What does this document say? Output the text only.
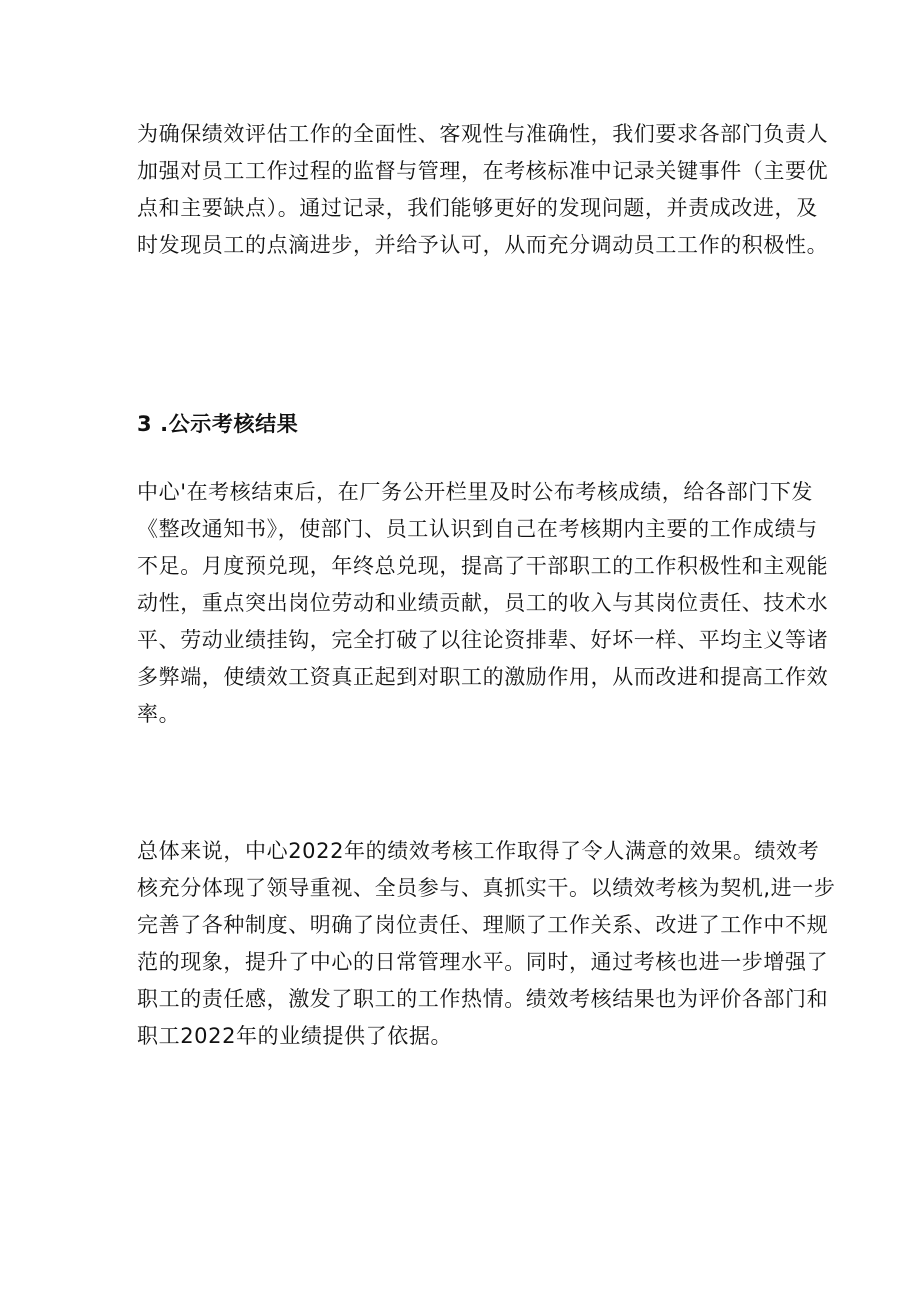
为确保绩效评估工作的全面性、客观性与准确性，我们要求各部门负责人
加强对员工工作过程的监督与管理，在考核标准中记录关键事件（主要优
点和主要缺点）。通过记录，我们能够更好的发现问题，并责成改进，及
时发现员工的点滴进步，并给予认可，从而充分调动员工工作的积极性。

3 .公示考核结果

中心'在考核结束后，在厂务公开栏里及时公布考核成绩，给各部门下发
《整改通知书》，使部门、员工认识到自己在考核期内主要的工作成绩与
不足。月度预兑现，年终总兑现，提高了干部职工的工作积极性和主观能
动性，重点突出岗位劳动和业绩贡献，员工的收入与其岗位责任、技术水
平、劳动业绩挂钩，完全打破了以往论资排辈、好坏一样、平均主义等诸
多弊端，使绩效工资真正起到对职工的激励作用，从而改进和提高工作效
率。

总体来说，中心2022年的绩效考核工作取得了令人满意的效果。绩效考
核充分体现了领导重视、全员参与、真抓实干。以绩效考核为契机,进一步
完善了各种制度、明确了岗位责任、理顺了工作关系、改进了工作中不规
范的现象，提升了中心的日常管理水平。同时，通过考核也进一步增强了
职工的责任感，激发了职工的工作热情。绩效考核结果也为评价各部门和
职工2022年的业绩提供了依据。
